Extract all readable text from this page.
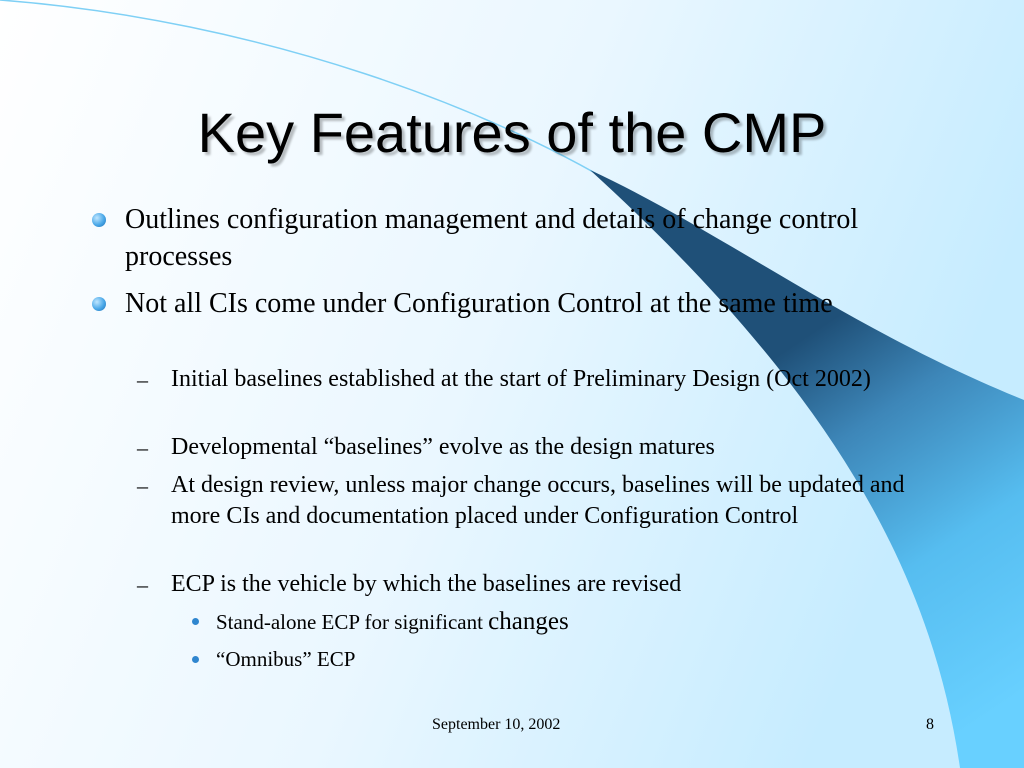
Key Features of the CMP
Outlines configuration management and details of change control processes
Not all CIs come under Configuration Control at the same time
– Initial baselines established at the start of Preliminary Design (Oct 2002)
– Developmental “baselines” evolve as the design matures
– At design review, unless major change occurs, baselines will be updated and more CIs and documentation placed under Configuration Control
– ECP is the vehicle by which the baselines are revised
Stand-alone ECP for significant changes
“Omnibus” ECP
September 10, 2002	8
